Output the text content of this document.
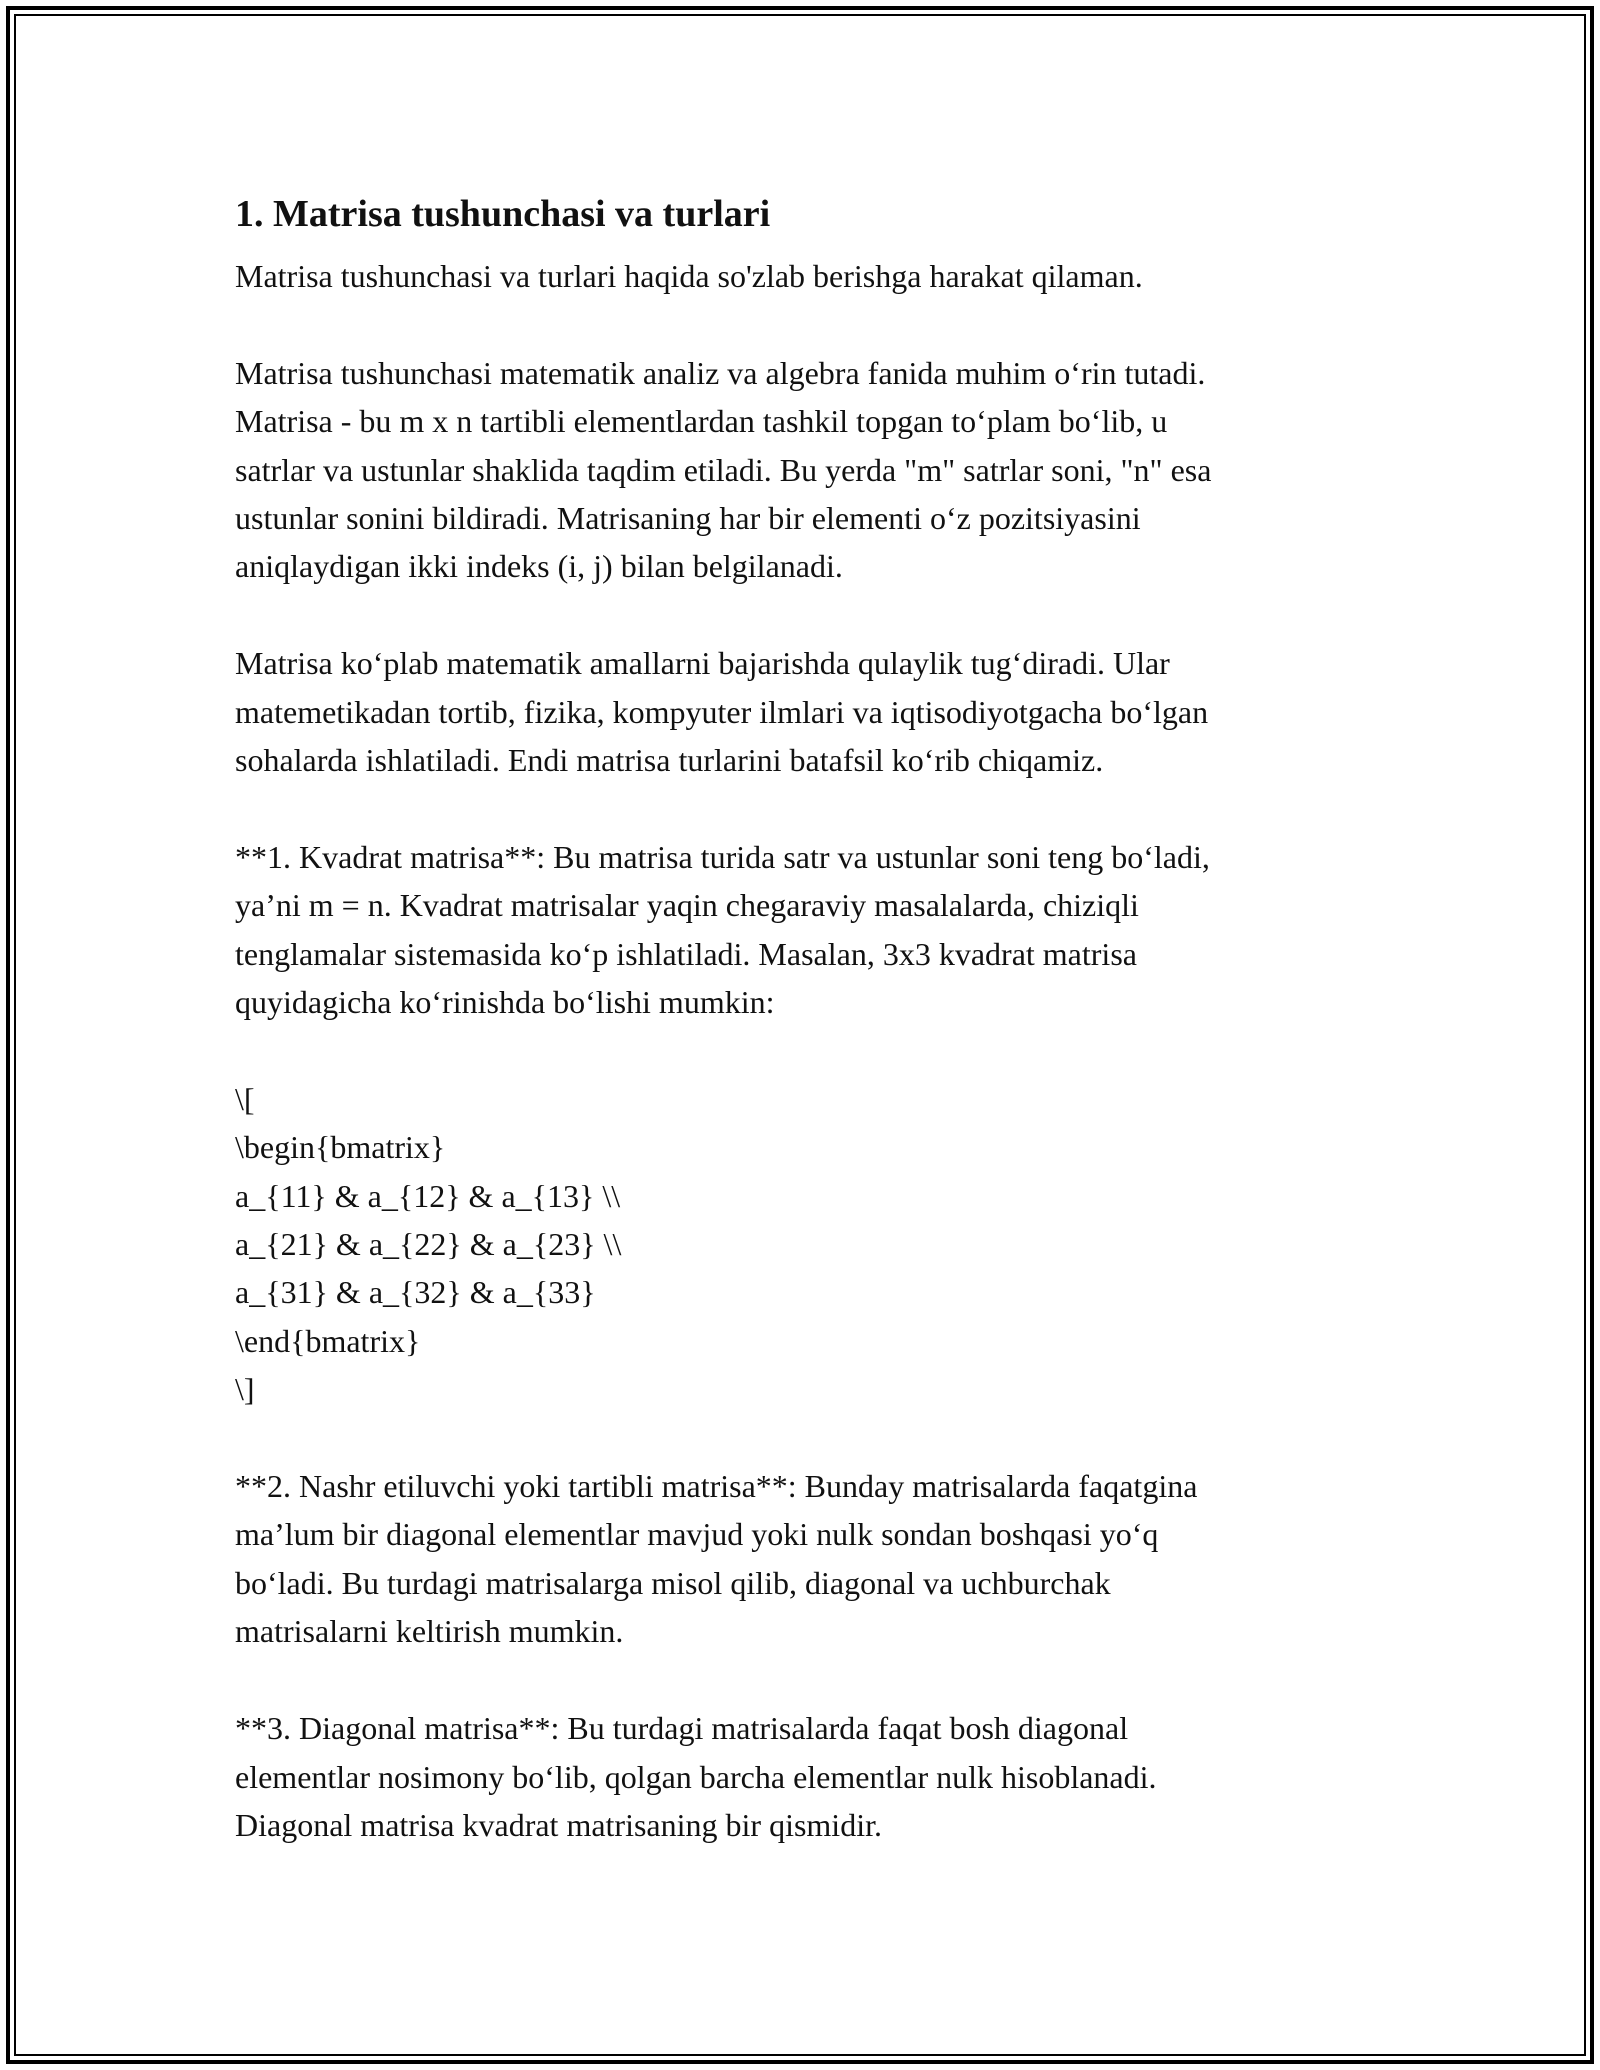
1. Matrisa tushunchasi va turlari

Matrisa tushunchasi va turlari haqida so'zlab berishga harakat qilaman.

Matrisa tushunchasi matematik analiz va algebra fanida muhim o‘rin tutadi.
Matrisa - bu m x n tartibli elementlardan tashkil topgan to‘plam bo‘lib, u
satrlar va ustunlar shaklida taqdim etiladi. Bu yerda "m" satrlar soni, "n" esa
ustunlar sonini bildiradi. Matrisaning har bir elementi o‘z pozitsiyasini
aniqlaydigan ikki indeks (i, j) bilan belgilanadi.

Matrisa ko‘plab matematik amallarni bajarishda qulaylik tug‘diradi. Ular
matemetikadan tortib, fizika, kompyuter ilmlari va iqtisodiyotgacha bo‘lgan
sohalarda ishlatiladi. Endi matrisa turlarini batafsil ko‘rib chiqamiz.

**1. Kvadrat matrisa**: Bu matrisa turida satr va ustunlar soni teng bo‘ladi,
ya’ni m = n. Kvadrat matrisalar yaqin chegaraviy masalalarda, chiziqli
tenglamalar sistemasida ko‘p ishlatiladi. Masalan, 3x3 kvadrat matrisa
quyidagicha ko‘rinishda bo‘lishi mumkin:

\[
\begin{bmatrix}
a_{11} & a_{12} & a_{13} \\
a_{21} & a_{22} & a_{23} \\
a_{31} & a_{32} & a_{33}
\end{bmatrix}
\]

**2. Nashr etiluvchi yoki tartibli matrisa**: Bunday matrisalarda faqatgina
ma’lum bir diagonal elementlar mavjud yoki nulk sondan boshqasi yo‘q
bo‘ladi. Bu turdagi matrisalarga misol qilib, diagonal va uchburchak
matrisalarni keltirish mumkin.

**3. Diagonal matrisa**: Bu turdagi matrisalarda faqat bosh diagonal
elementlar nosimony bo‘lib, qolgan barcha elementlar nulk hisoblanadi.
Diagonal matrisa kvadrat matrisaning bir qismidir.
